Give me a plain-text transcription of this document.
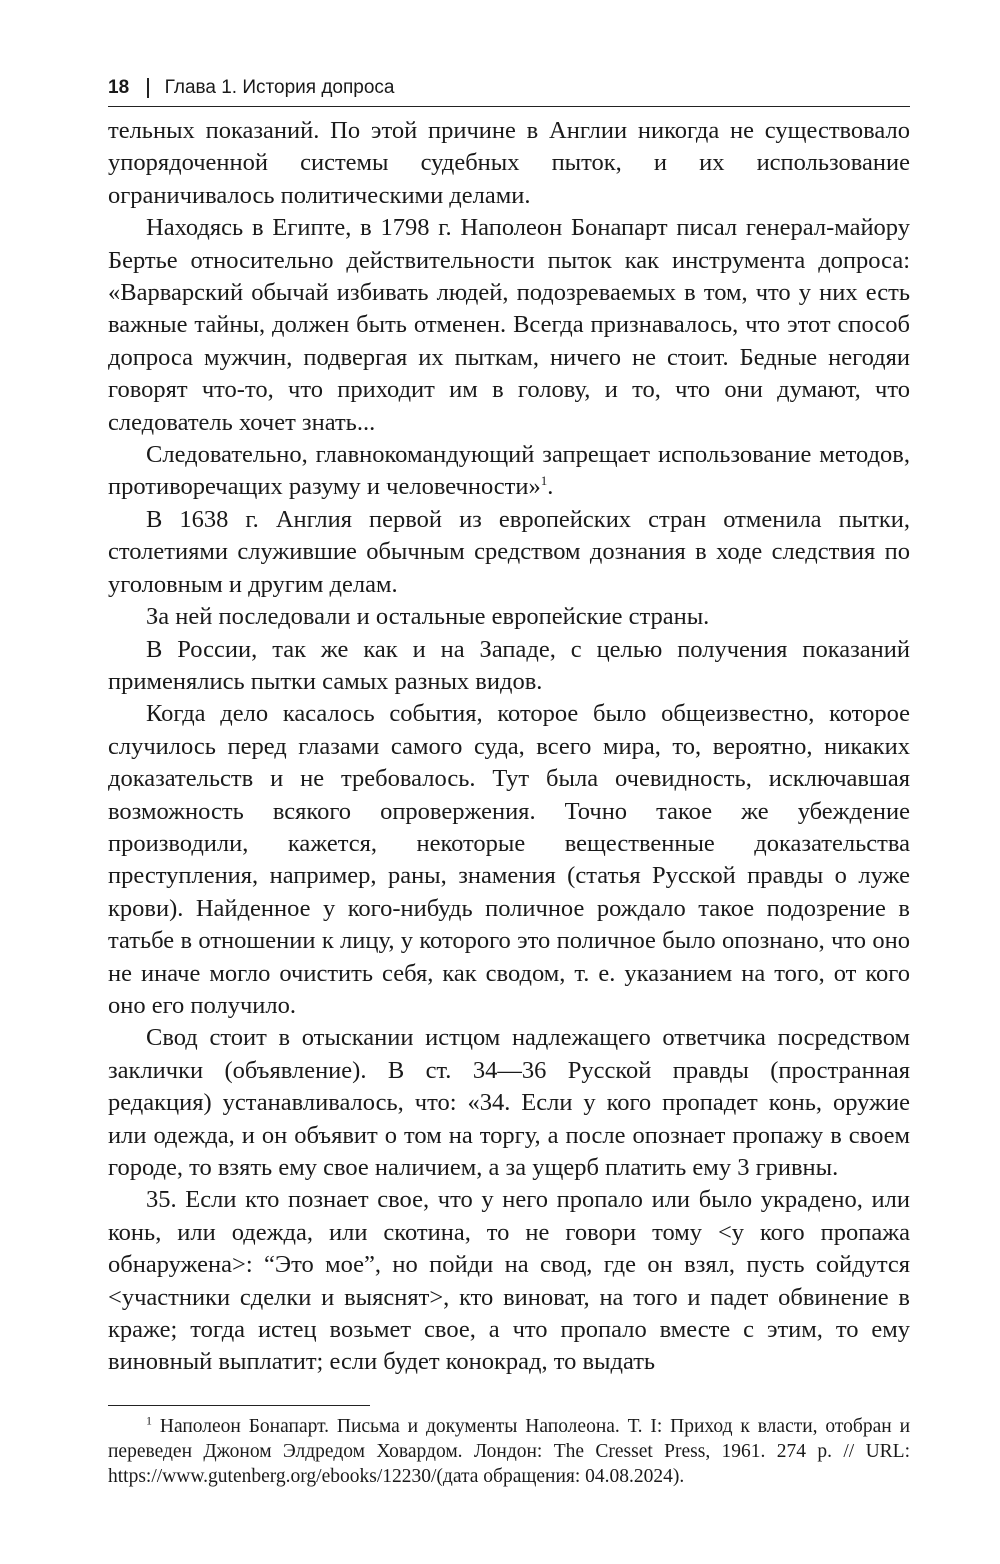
18 Глава 1. История допроса

тельных показаний. По этой причине в Англии никогда не существовало упорядоченной системы судебных пыток, и их использование ограничивалось политическими делами.

Находясь в Египте, в 1798 г. Наполеон Бонапарт писал генерал-майору Бертье относительно действительности пыток как инструмента допроса: «Варварский обычай избивать людей, подозреваемых в том, что у них есть важные тайны, должен быть отменен. Всегда признавалось, что этот способ допроса мужчин, подвергая их пыткам, ничего не стоит. Бедные негодяи говорят что-то, что приходит им в голову, и то, что они думают, что следователь хочет знать...

Следовательно, главнокомандующий запрещает использование методов, противоречащих разуму и человечности»$^1$.

В 1638 г. Англия первой из европейских стран отменила пытки, столетиями служившие обычным средством дознания в ходе следствия по уголовным и другим делам.

За ней последовали и остальные европейские страны.

В России, так же как и на Западе, с целью получения показаний применялись пытки самых разных видов.

Когда дело касалось события, которое было общеизвестно, которое случилось перед глазами самого суда, всего мира, то, вероятно, никаких доказательств и не требовалось. Тут была очевидность, исключавшая возможность всякого опровержения. Точно такое же убеждение производили, кажется, некоторые вещественные доказательства преступления, например, раны, знамения (статья Русской правды о луже крови). Найденное у кого-нибудь поличное рождало такое подозрение в татьбе в отношении к лицу, у которого это поличное было опознано, что оно не иначе могло очистить себя, как сводом, т. е. указанием на того, от кого оно его получило.

Свод стоит в отыскании истцом надлежащего ответчика посредством заклички (объявление). В ст. 34—36 Русской правды (пространная редакция) устанавливалось, что: «34. Если у кого пропадет конь, оружие или одежда, и он объявит о том на торгу, а после опознает пропажу в своем городе, то взять ему свое наличием, а за ущерб платить ему 3 гривны.

35. Если кто познает свое, что у него пропало или было украдено, или конь, или одежда, или скотина, то не говори тому <у кого пропажа обнаружена>: “Это мое”, но пойди на свод, где он взял, пусть сойдутся <участники сделки и выяснят>, кто виноват, на того и падет обвинение в краже; тогда истец возьмет свое, а что пропало вместе с этим, то ему виновный выплатит; если будет конокрад, то выдать

$^1$ Наполеон Бонапарт. Письма и документы Наполеона. Т. I: Приход к власти, отобран и переведен Джоном Элдредом Ховардом. Лондон: The Cresset Press, 1961. 274 p. // URL: https://www.gutenberg.org/ebooks/12230/(дата обращения: 04.08.2024).
